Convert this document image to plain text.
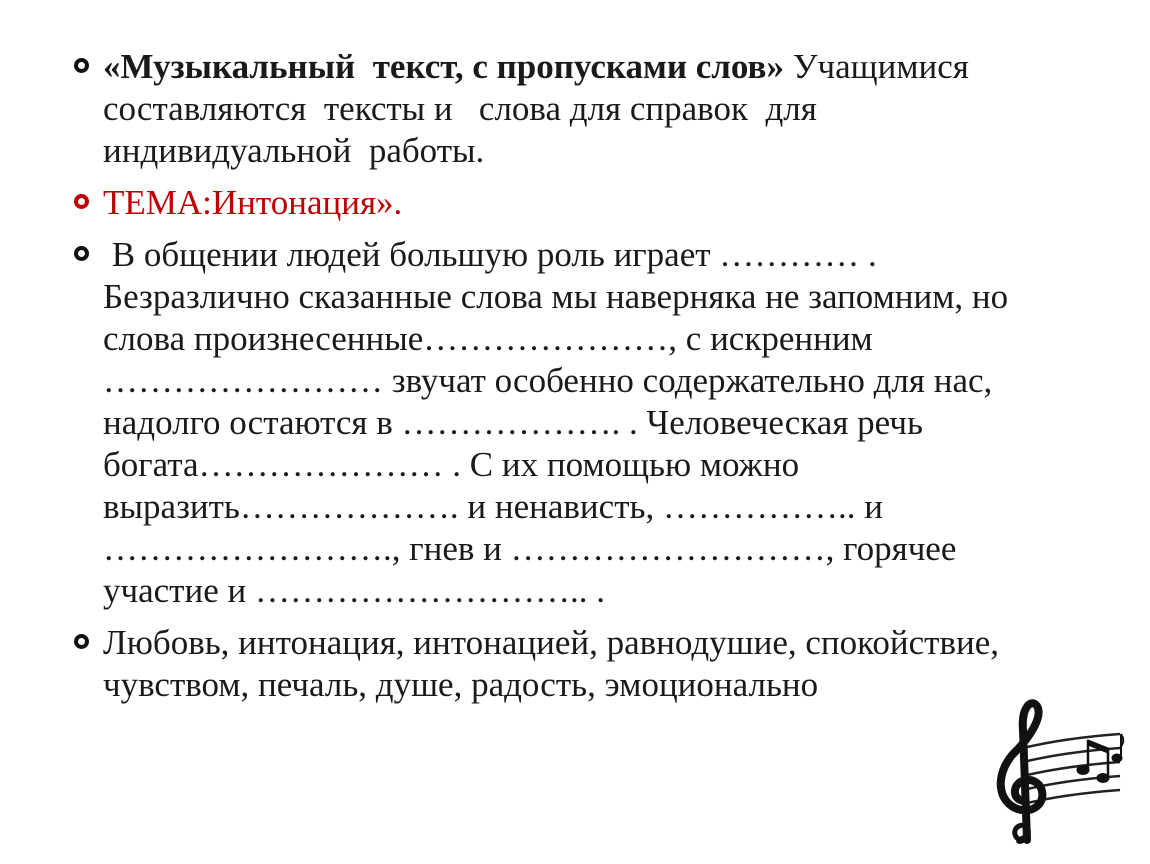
«Музыкальный  текст, с пропусками слов» Учащимися
составляются  тексты и   слова для справок  для
индивидуальной  работы.
ТЕМА:Интонация».
В общении людей большую роль играет ………… .
Безразлично сказанные слова мы наверняка не запомним, но
слова произнесенные…………………, с искренним
…………………… звучат особенно содержательно для нас,
надолго остаются в ………………. . Человеческая речь
богата………………… . С их помощью можно
выразить………………. и ненависть, …………….. и
……………………., гнев и ………………………, горячее
участие и ……………………….. .
Любовь, интонация, интонацией, равнодушие, спокойствие,
чувством, печаль, душе, радость, эмоционально
